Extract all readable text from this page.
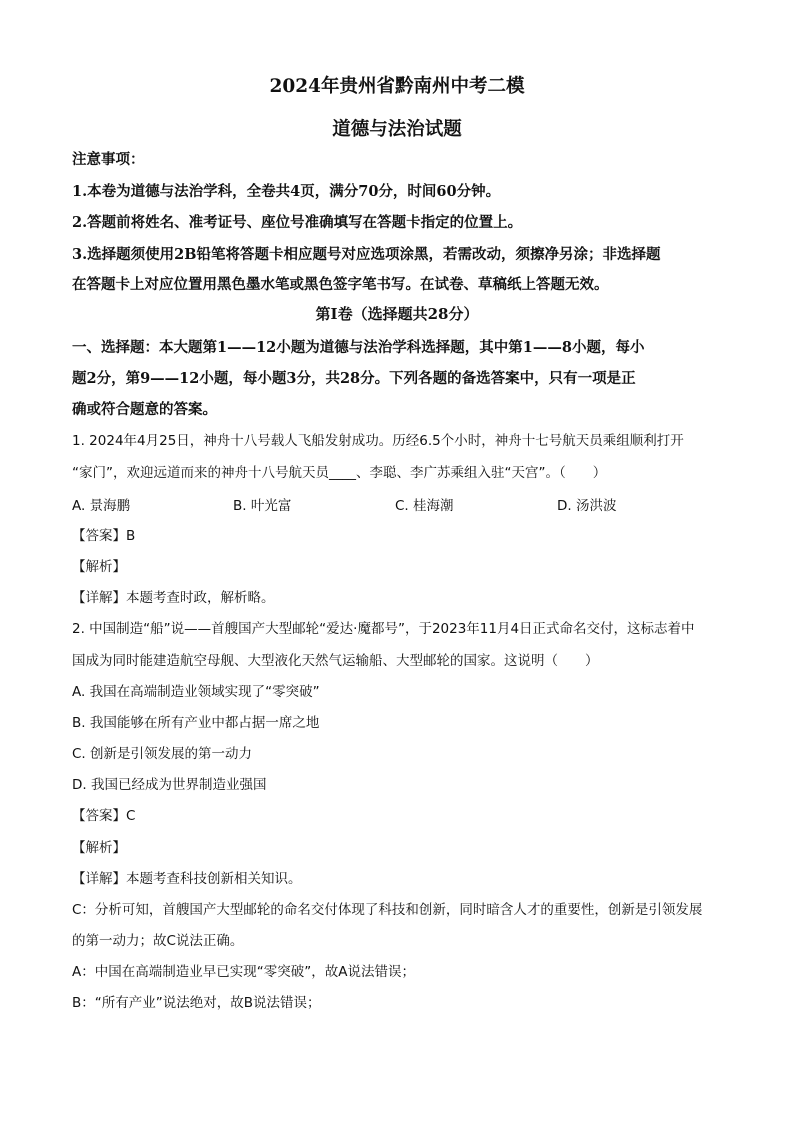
2024年贵州省黔南州中考二模
道德与法治试题
注意事项：
1.本卷为道德与法治学科，全卷共4页，满分70分，时间60分钟。
2.答题前将姓名、准考证号、座位号准确填写在答题卡指定的位置上。
3.选择题须使用2B铅笔将答题卡相应题号对应选项涂黑，若需改动，须擦净另涂；非选择题
在答题卡上对应位置用黑色墨水笔或黑色签字笔书写。在试卷、草稿纸上答题无效。
第Ⅰ卷（选择题共28分）
一、选择题：本大题第1——12小题为道德与法治学科选择题，其中第1——8小题，每小
题2分，第9——12小题，每小题3分，共28分。下列各题的备选答案中，只有一项是正
确或符合题意的答案。
1. 2024年4月25日，神舟十八号载人飞船发射成功。历经6.5个小时，神舟十七号航天员乘组顺利打开
“家门”，欢迎远道而来的神舟十八号航天员____、李聪、李广苏乘组入驻“天宫”。（　　）
A. 景海鹏	B. 叶光富	C. 桂海潮	D. 汤洪波
【答案】B
【解析】
【详解】本题考查时政，解析略。
2. 中国制造“船”说——首艘国产大型邮轮“爱达·魔都号”，于2023年11月4日正式命名交付，这标志着中
国成为同时能建造航空母舰、大型液化天然气运输船、大型邮轮的国家。这说明（　　）
A. 我国在高端制造业领域实现了“零突破”
B. 我国能够在所有产业中都占据一席之地
C. 创新是引领发展的第一动力
D. 我国已经成为世界制造业强国
【答案】C
【解析】
【详解】本题考查科技创新相关知识。
C：分析可知，首艘国产大型邮轮的命名交付体现了科技和创新，同时暗含人才的重要性，创新是引领发展
的第一动力；故C说法正确。
A：中国在高端制造业早已实现“零突破”，故A说法错误；
B：“所有产业”说法绝对，故B说法错误；
